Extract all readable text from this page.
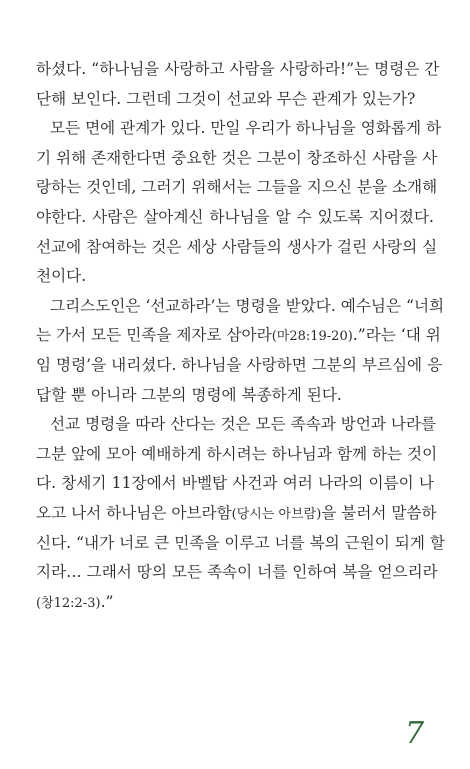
하셨다. “하나님을 사랑하고 사람을 사랑하라!”는 명령은 간
단해 보인다. 그런데 그것이 선교와 무슨 관계가 있는가?
모든 면에 관계가 있다. 만일 우리가 하나님을 영화롭게 하
기 위해 존재한다면 중요한 것은 그분이 창조하신 사람을 사
랑하는 것인데, 그러기 위해서는 그들을 지으신 분을 소개해
야한다. 사람은 살아계신 하나님을 알 수 있도록 지어졌다.
선교에 참여하는 것은 세상 사람들의 생사가 걸린 사랑의 실
천이다.
그리스도인은 ‘선교하라’는 명령을 받았다. 예수님은 “너희
는 가서 모든 민족을 제자로 삼아라(마28:19-20).”라는 ‘대 위
임 명령’을 내리셨다. 하나님을 사랑하면 그분의 부르심에 응
답할 뿐 아니라 그분의 명령에 복종하게 된다.
선교 명령을 따라 산다는 것은 모든 족속과 방언과 나라를
그분 앞에 모아 예배하게 하시려는 하나님과 함께 하는 것이
다. 창세기 11장에서 바벨탑 사건과 여러 나라의 이름이 나
오고 나서 하나님은 아브라함(당시는 아브람)을 불러서 말씀하
신다. “내가 너로 큰 민족을 이루고 너를 복의 근원이 되게 할
지라… 그래서 땅의 모든 족속이 너를 인하여 복을 얻으리라
(창12:2-3).”
7
